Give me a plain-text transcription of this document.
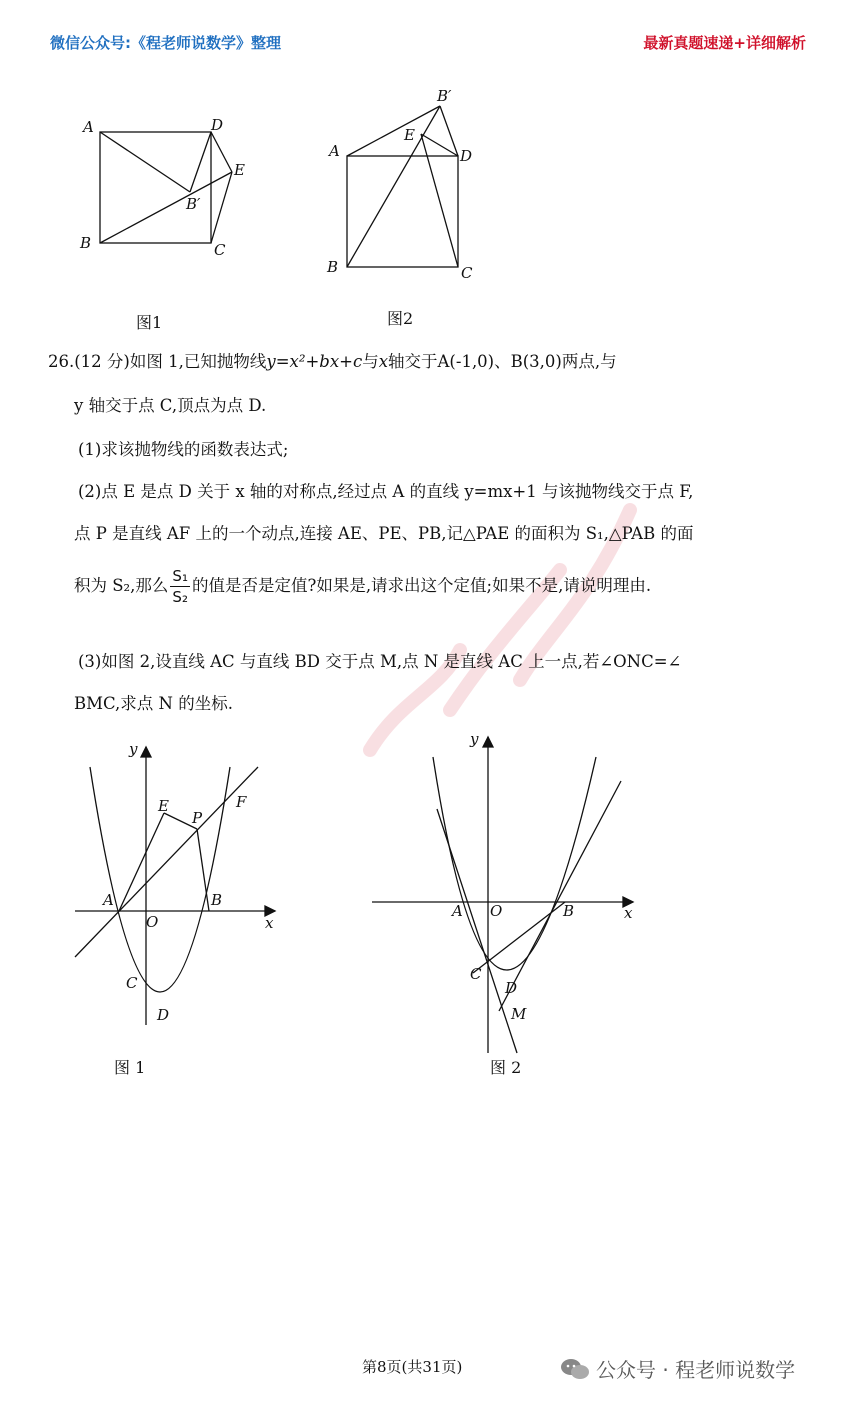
微信公众号:《程老师说数学》整理	最新真题速递+详细解析
A	D
E
B′
B	C
图1
B′
E
A	D
B	C
图2
26.(12 分)如图 1,已知抛物线y=x²+bx+c与x轴交于A(-1,0)、B(3,0)两点,与
y 轴交于点 C,顶点为点 D.
(1)求该抛物线的函数表达式;
(2)点 E 是点 D 关于 x 轴的对称点,经过点 A 的直线 y=mx+1 与该抛物线交于点 F,
点 P 是直线 AF 上的一个动点,连接 AE、PE、PB,记△PAE 的面积为 S₁,△PAB 的面
积为 S₂,那么 $\frac{\text{S₁}}{\text{S₂}}$ 的值是否是定值?如果是,请求出这个定值;如果不是,请说明理由.
(3)如图 2,设直线 AC 与直线 BD 交于点 M,点 N 是直线 AC 上一点,若∠ONC=∠
BMC,求点 N 的坐标.
y
x
A
O
B
C
D
E
P
F
图 1
y
x
A O	B
C
D
M
图 2
第8页(共31页)	公众号 · 程老师说数学
